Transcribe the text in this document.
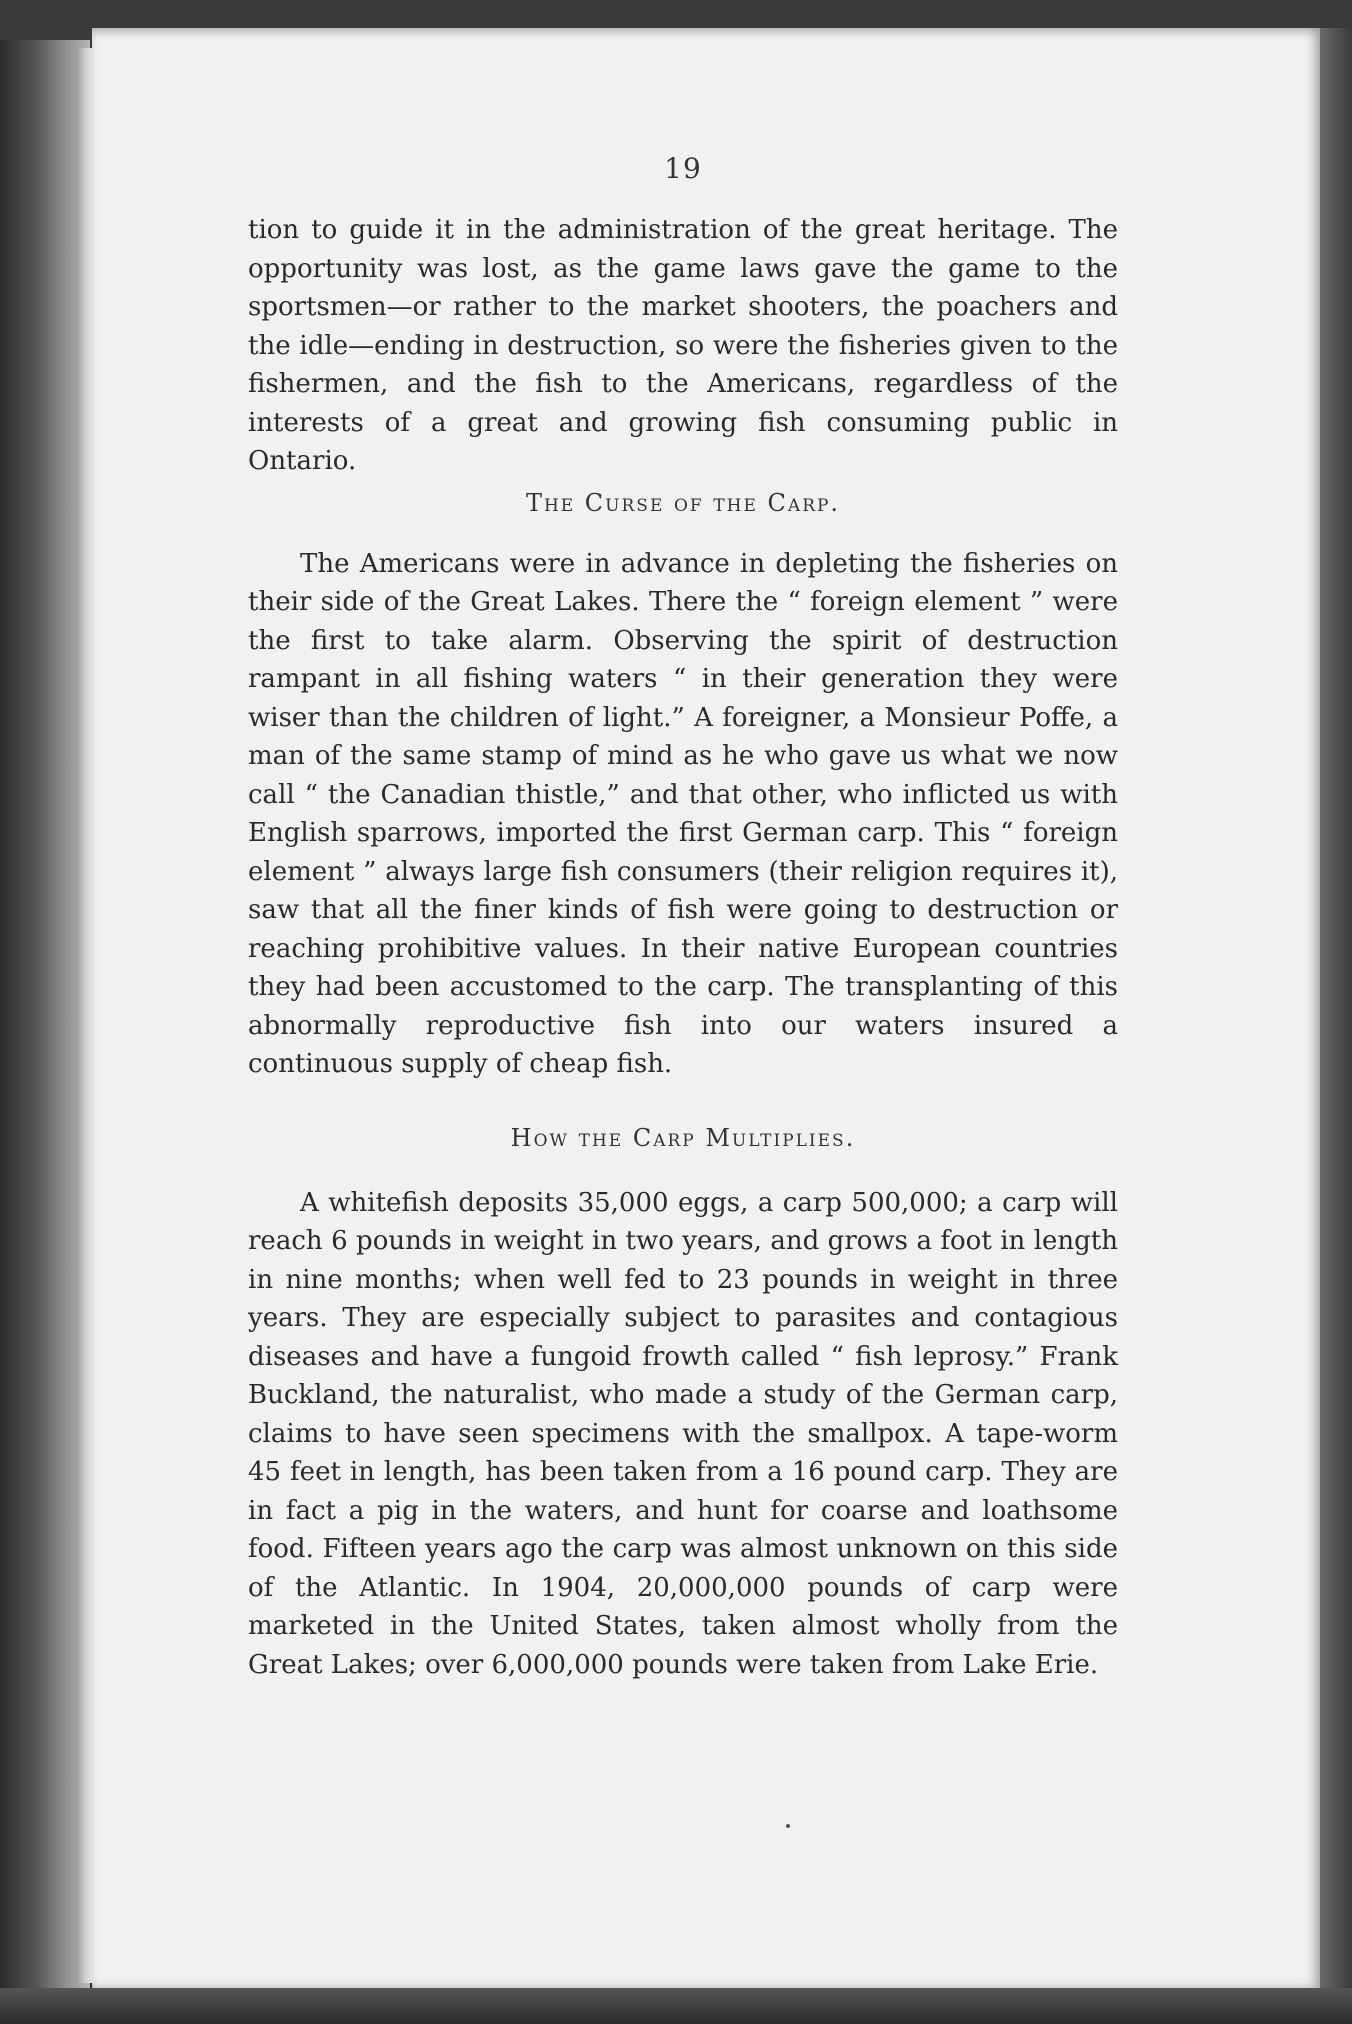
19

tion to guide it in the administration of the great heritage. The opportunity was lost, as the game laws gave the game to the sportsmen—or rather to the market shooters, the poachers and the idle—ending in destruction, so were the fisheries given to the fishermen, and the fish to the Americans, regardless of the interests of a great and growing fish consuming public in Ontario.

The Curse of the Carp.

The Americans were in advance in depleting the fisheries on their side of the Great Lakes. There the “ foreign element ” were the first to take alarm. Observing the spirit of destruction rampant in all fishing waters “ in their generation they were wiser than the children of light.” A foreigner, a Monsieur Poffe, a man of the same stamp of mind as he who gave us what we now call “ the Canadian thistle,” and that other, who inflicted us with English sparrows, imported the first German carp. This “ foreign element ” always large fish consumers (their religion requires it), saw that all the finer kinds of fish were going to destruction or reaching prohibitive values. In their native European countries they had been accustomed to the carp. The transplanting of this abnormally reproductive fish into our waters insured a continuous supply of cheap fish.

How the Carp Multiplies.

A whitefish deposits 35,000 eggs, a carp 500,000; a carp will reach 6 pounds in weight in two years, and grows a foot in length in nine months; when well fed to 23 pounds in weight in three years. They are especially subject to parasites and contagious diseases and have a fungoid frowth called “ fish leprosy.” Frank Buckland, the naturalist, who made a study of the German carp, claims to have seen specimens with the smallpox. A tape-worm 45 feet in length, has been taken from a 16 pound carp. They are in fact a pig in the waters, and hunt for coarse and loathsome food. Fifteen years ago the carp was almost unknown on this side of the Atlantic. In 1904, 20,000,000 pounds of carp were marketed in the United States, taken almost wholly from the Great Lakes; over 6,000,000 pounds were taken from Lake Erie.
